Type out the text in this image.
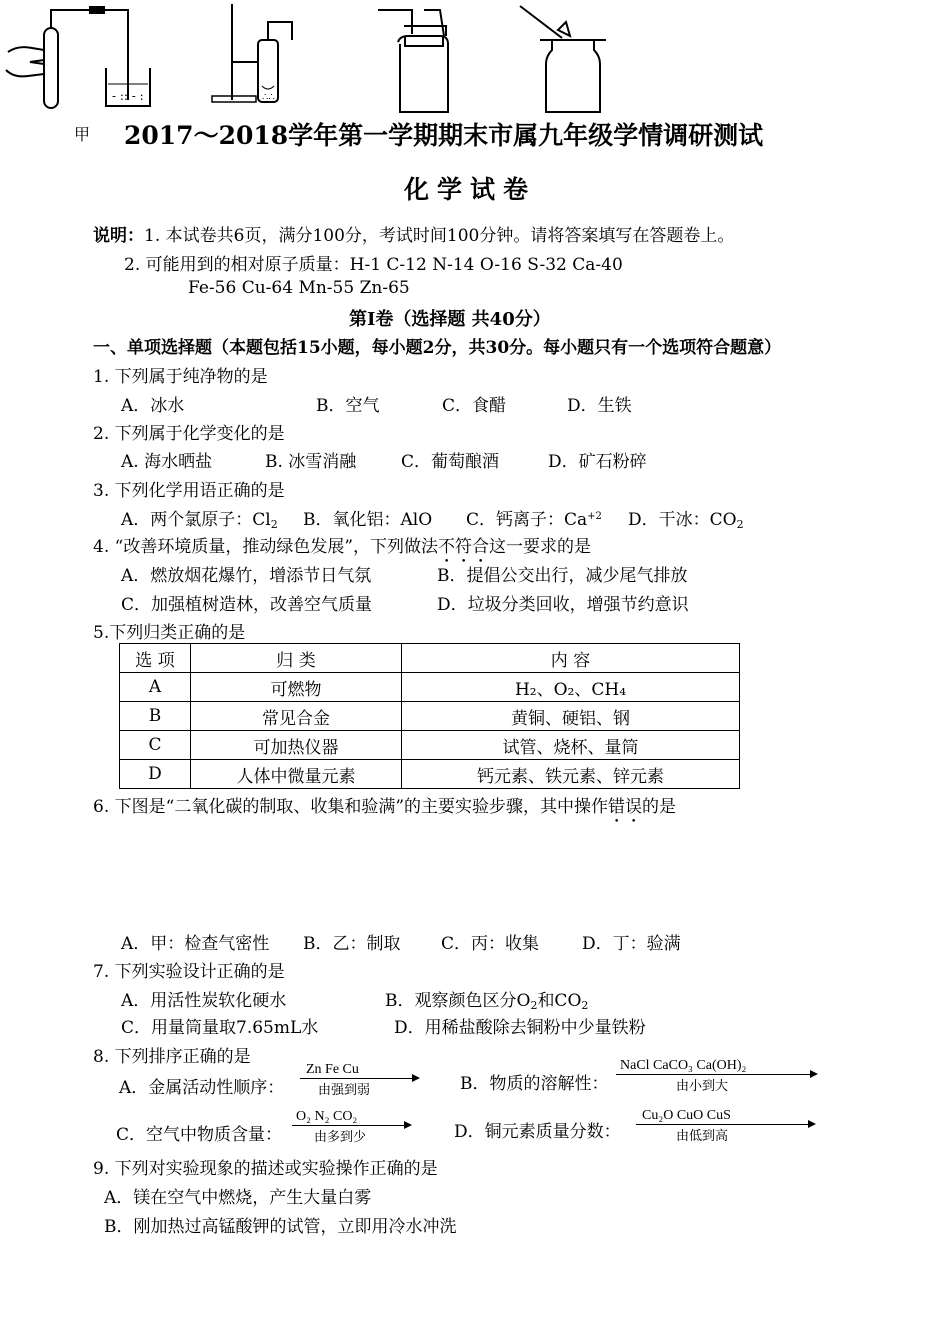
- :: - :	∴∴
甲 2017～2018学年第一学期期末市属九年级学情调研测试
化学试卷
说明：1. 本试卷共6页，满分100分，考试时间100分钟。请将答案填写在答题卷上。
2. 可能用到的相对原子质量：H-1 C-12 N-14 O-16 S-32 Ca-40
Fe-56 Cu-64 Mn-55 Zn-65
第Ⅰ卷（选择题 共40分）
一、单项选择题（本题包括15小题，每小题2分，共30分。每小题只有一个选项符合题意）
1. 下列属于纯净物的是
A．冰水	B．空气	C．食醋	D．生铁
2. 下列属于化学变化的是
A. 海水晒盐	B. 冰雪消融	C．葡萄酿酒	D．矿石粉碎
3. 下列化学用语正确的是
A．两个氯原子：$Cl_2$ B．氧化铝：AlO C．钙离子：$Ca^{+2}$ D．干冰：$CO_2$
4. “改善环境质量，推动绿色发展”，下列做法不符合这一要求的是
A．燃放烟花爆竹，增添节日气氛	B．提倡公交出行，减少尾气排放
C．加强植树造林，改善空气质量	D．垃圾分类回收，增强节约意识
5.下列归类正确的是
选 项	归 类	内 容
A	可燃物	H₂、O₂、CH₄
B	常见合金	黄铜、硬铝、钢
C	可加热仪器	试管、烧杯、量筒
D	人体中微量元素	钙元素、铁元素、锌元素
6. 下图是“二氧化碳的制取、收集和验满”的主要实验步骤，其中操作错误的是
A．甲：检查气密性 B．乙：制取 C．丙：收集	D．丁：验满
7. 下列实验设计正确的是
A．用活性炭软化硬水	B．观察颜色区分$O_2$和$CO_2$
C．用量筒量取7.65mL水	D．用稀盐酸除去铜粉中少量铁粉
8. 下列排序正确的是
A．金属活动性顺序：
Zn Fe Cu
由强到弱	B．物质的溶解性：
NaCl CaCO₃ Ca(OH)₂
由小到大
C．空气中物质含量：
O₂ N₂ CO₂
由多到少	D．铜元素质量分数：
Cu₂O CuO CuS
由低到高
9. 下列对实验现象的描述或实验操作正确的是
A．镁在空气中燃烧，产生大量白雾
B．刚加热过高锰酸钾的试管，立即用冷水冲洗
